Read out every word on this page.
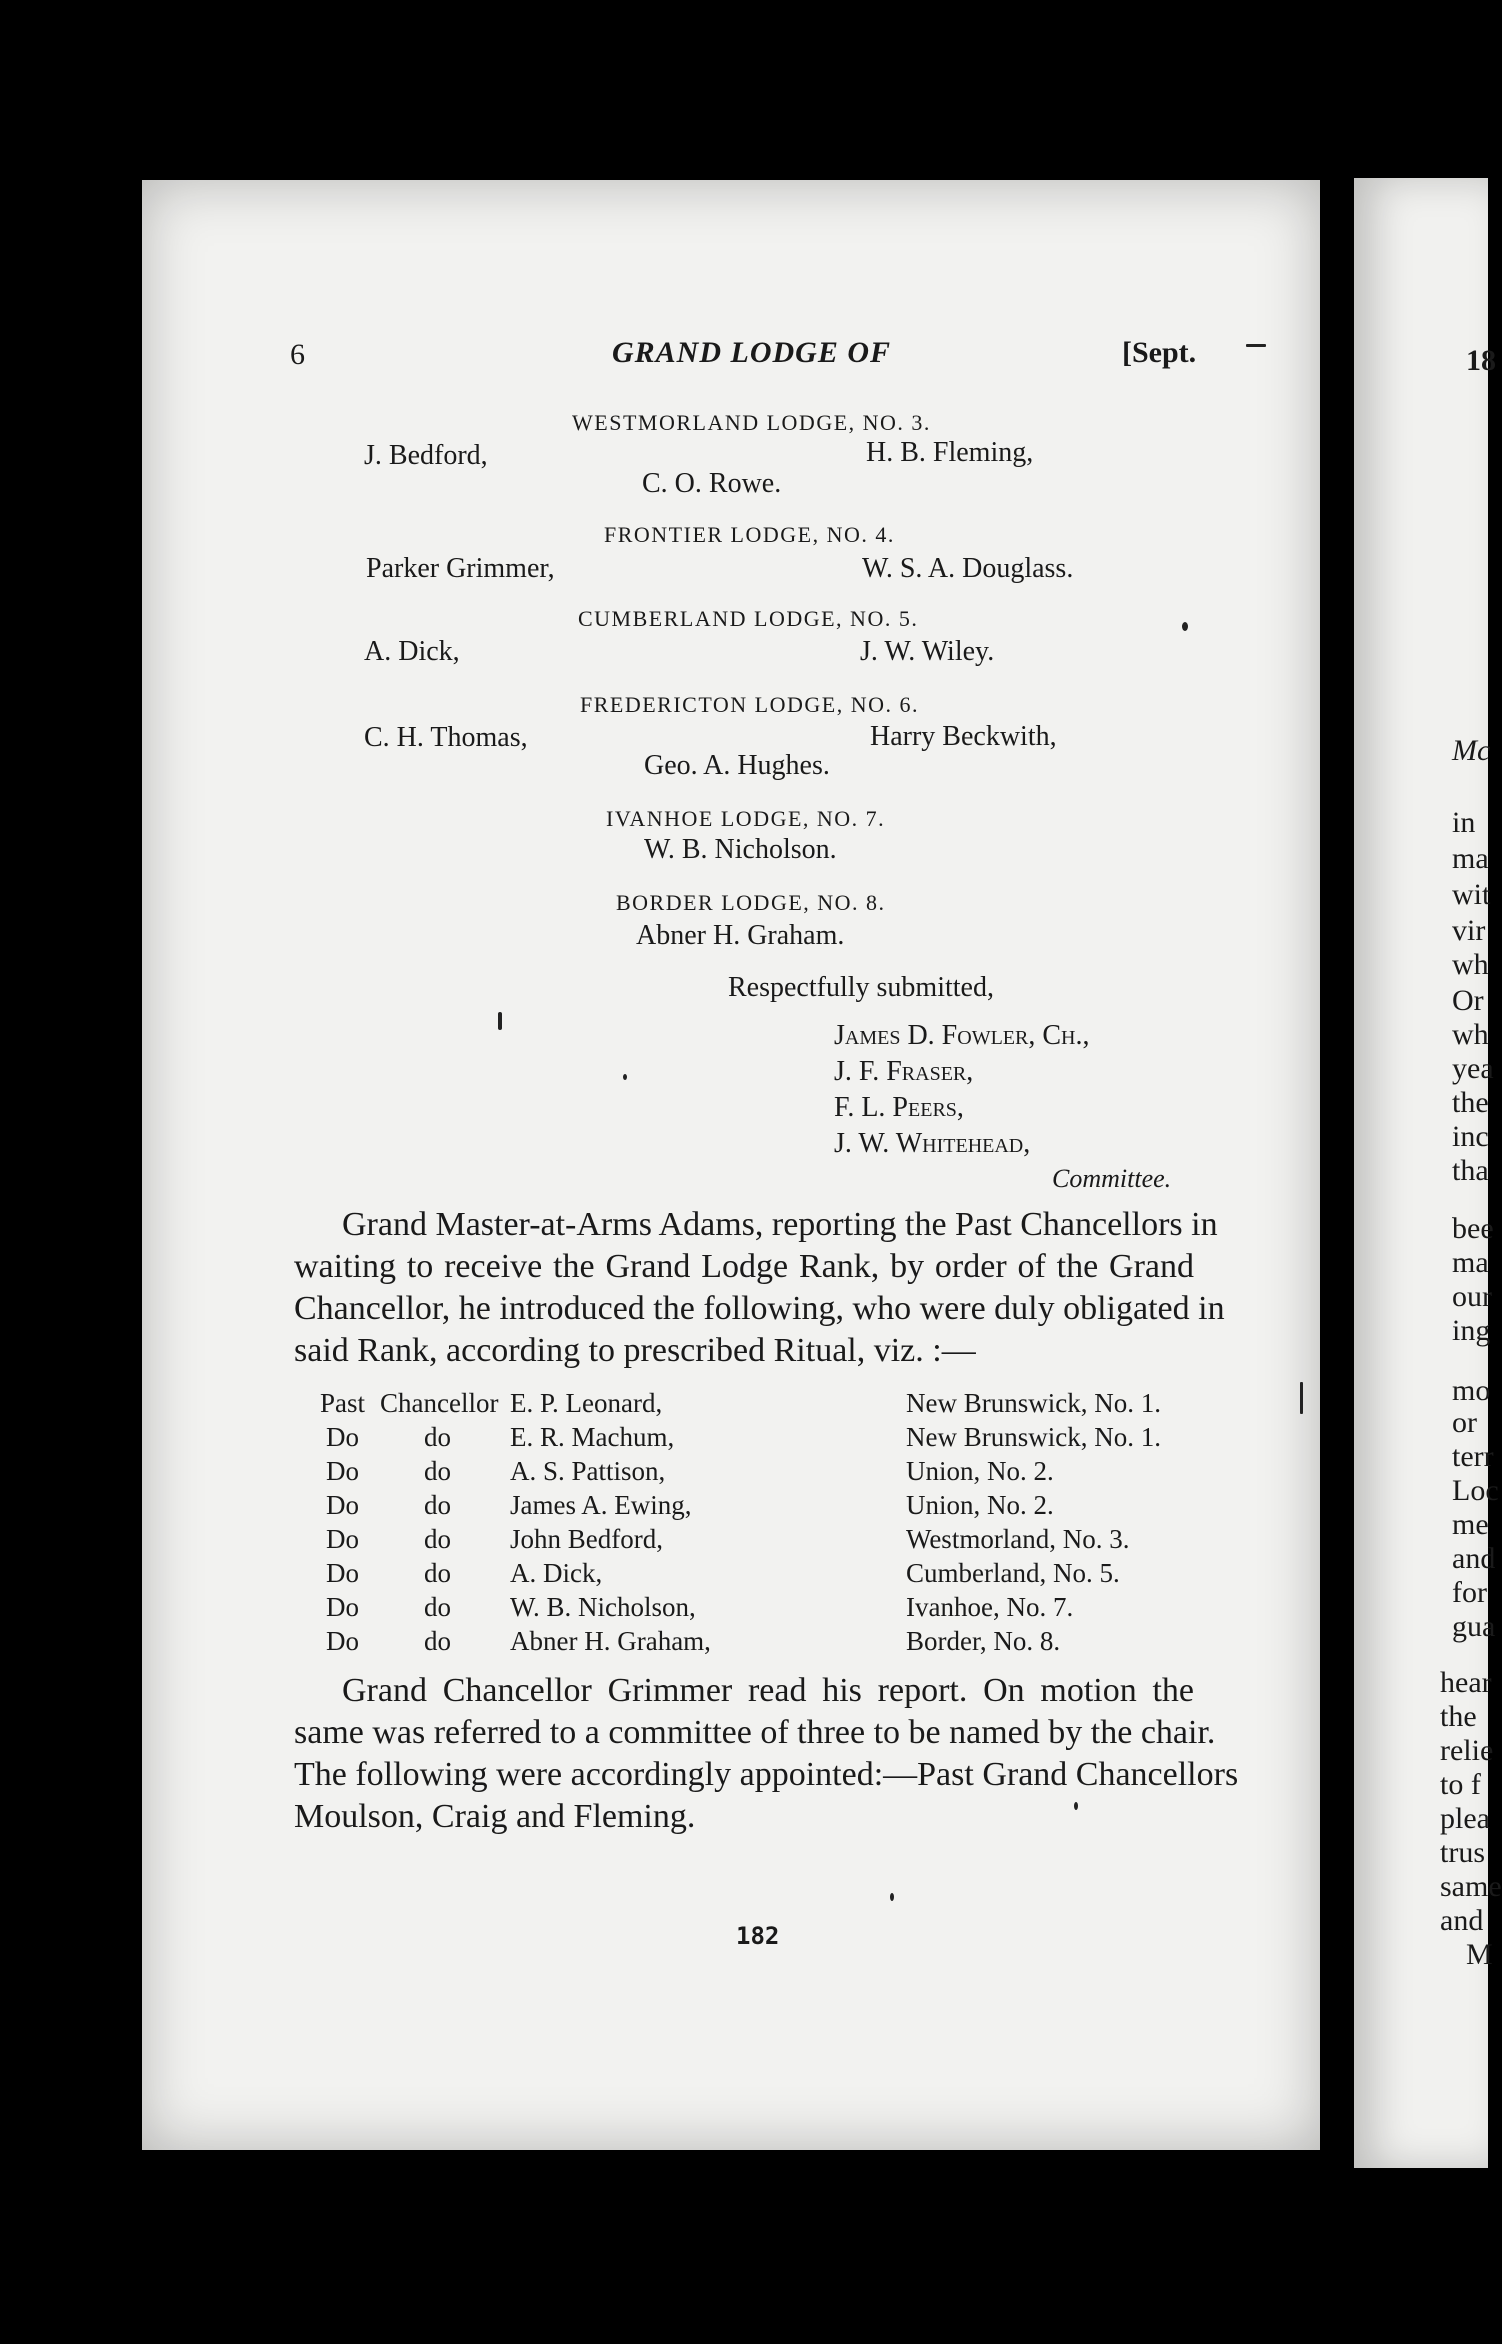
6	GRAND LODGE OF	[Sept.	18
WESTMORLAND LODGE, NO. 3.
J. Bedford,	H. B. Fleming,
C. O. Rowe.
FRONTIER LODGE, NO. 4.
Parker Grimmer,	W. S. A. Douglass.
CUMBERLAND LODGE, NO. 5.
A. Dick,	J. W. Wiley.
FREDERICTON LODGE, NO. 6.
C. H. Thomas,	Harry Beckwith,
Geo. A. Hughes.
IVANHOE LODGE, NO. 7.
W. B. Nicholson.
BORDER LODGE, NO. 8.
Abner H. Graham.
Respectfully submitted,
James D. Fowler, Ch.,
J. F. Fraser,
F. L. Peers,
J. W. Whitehead,
Committee.
Grand Master-at-Arms Adams, reporting the Past Chancellors in
waiting to receive the Grand Lodge Rank, by order of the Grand
Chancellor, he introduced the following, who were duly obligated in
said Rank, according to prescribed Ritual, viz. :—
Past	Chancellor	E. P. Leonard,	New Brunswick, No. 1.
Do	do	E. R. Machum,	New Brunswick, No. 1.
Do	do	A. S. Pattison,	Union, No. 2.
Do	do	James A. Ewing,	Union, No. 2.
Do	do	John Bedford,	Westmorland, No. 3.
Do	do	A. Dick,	Cumberland, No. 5.
Do	do	W. B. Nicholson,	Ivanhoe, No. 7.
Do	do	Abner H. Graham,	Border, No. 8.
Grand Chancellor Grimmer read his report. On motion the
same was referred to a committee of three to be named by the chair.
The following were accordingly appointed:—Past Grand Chancellors
Moulson, Craig and Fleming.
182
Mc
in
ma
wit
vir
wh
Or
wh
yea
the
inc
tha
bee
ma
our
ing
mo
or
terr
Loc
me
and
for
gua
hear
the
relie
to f
plea
trus
same
and
M
